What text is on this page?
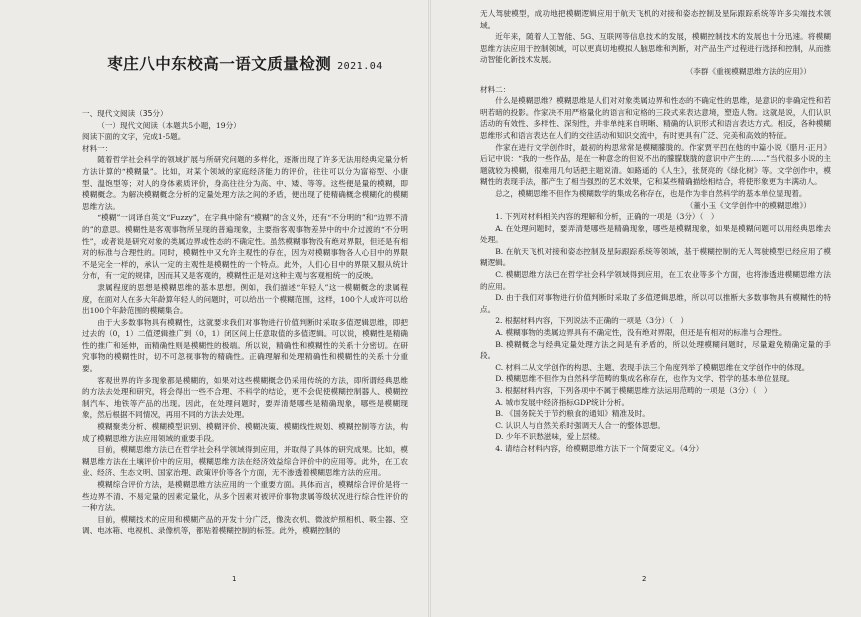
枣庄八中东校高一语文质量检测 2021.04

一、现代文阅读（35分）

（一）现代文阅读（本题共5小题，19分）

阅读下面的文字，完成1-5题。

材料一：

随着哲学社会科学的领域扩展与所研究问题的多样化，逐渐出现了许多无法用经典定量分析方法计算的“模糊量”。比如，对某个领域的家庭经济能力的评价，往往可以分为富裕型、小康型、温饱型等；对人的身体素质评价，身高往往分为高、中、矮、等等。这些便是量的模糊，即模糊概念。为解决模糊概念分析的定量处理方法之间的矛盾，便出现了使精确概念模糊化的模糊思维方法。

“模糊”一词译自英文“Fuzzy”，在字典中除有“模糊”的含义外，还有“不分明的”和“边界不清的”的意思。模糊性是客观事物所呈现的普遍现象，主要指客观事物差异中的中介过渡的“不分明性”，或者说是研究对象的类属边界或性态的不确定性。虽然模糊事物没有绝对界限，但还是有相对的标准与合理性的。同时，模糊性中又允许主观性的存在，因为对模糊事物各人心目中的界限不是完全一样的，承认一定的主观性是模糊性的一个特点。此外，人们心目中的界限又服从统计分布，有一定的规律，因而其又是客观的，模糊性正是对这种主观与客观相统一的反映。

隶属程度的思想是模糊思维的基本思想。例如，我们描述“年轻人”这一模糊概念的隶属程度，在面对人在多大年龄算年轻人的问题时，可以给出一个模糊范围，这样，100个人或许可以给出100个年龄范围的模糊集合。

由于大多数事物具有模糊性，这就要求我们对事物进行价值判断时采取多值逻辑思维，即把过去的（0，1）二值逻辑推广到（0，1）闭区间上任意取值的多值逻辑。可以说，模糊性是精确性的推广和延伸，而精确性则是模糊性的极端。所以说，精确性和模糊性的关系十分密切。在研究事物的模糊性时，切不可忽视事物的精确性。正确理解和处理精确性和模糊性的关系十分重要。

客观世界的许多现象都是模糊的，如果对这些模糊概念仍采用传统的方法，即所谓经典思维的方法去处理和研究，将会得出一些不合理、不科学的结论，更不会促使模糊控制器人、模糊控制汽车、地铁等产品的出现。因此，在处理问题时，要弄清楚哪些是精确现象，哪些是模糊现象，然后根据不同情况，再用不同的方法去处理。

模糊聚类分析、模糊模型识别、模糊评价、模糊决策、模糊线性规划、模糊控制等方法，构成了模糊思维方法应用领域的重要手段。

目前，模糊思维方法已在哲学社会科学领域得到应用，并取得了具体的研究成果。比如，模糊思维方法在土壤评价中的应用，模糊思维方法在经济效益综合评价中的应用等。此外，在工农业、经济、生态文明、国家治理、政策评价等各个方面，无不渗透着模糊思维方法的应用。

模糊综合评价方法，是模糊思维方法应用的一个重要方面。具体而言，模糊综合评价是将一些边界不清、不易定量的因素定量化，从多个因素对被评价事物隶属等级状况进行综合性评价的一种方法。

目前，模糊技术的应用和模糊产品的开发十分广泛，像洗衣机、微波炉照相机、吸尘器、空调、电冰箱、电视机、录像机等，都贴着模糊控制的标签。此外，模糊控制的

1

无人驾驶模型，成功地把模糊逻辑应用于航天飞机的对接和姿态控制及星际跟踪系统等许多尖端技术领域。

近年来，随着人工智能、5G、互联网等信息技术的发展，模糊控制技术的发展也十分迅速。将模糊思维方法应用于控制领域，可以更真切地模拟人脑思维和判断，对产品生产过程进行选择和控制，从而推动智能化新技术发展。

（李群《重视模糊思维方法的应用》）

材料二：

什么是模糊思维？模糊思维是人们对对象类属边界和性态的不确定性的思维，是意识的非确定性和若明若暗的投影。作家决不用严格量化的语言和定格的三段式来表达意境，塑造人物。这就是说，人们认识活动的有效性、多样性、深刻性，并非单纯来自明晰、精确的认识形式和语言表达方式。相反，各种模糊思维形式和语言表达在人们的交往活动和知识交流中，有时更具有广泛、完美和高效的特征。

作家在进行文学创作时，最初的构思常常是模糊朦胧的。作家贾平凹在他的中篇小说《腊月·正月》后记中说：“我的一些作品，是在一种意念的但说不出的朦朦胧胧的意识中产生的……”当代很多小说的主题就较为模糊，很难用几句话把主题说清。如路遥的《人生》，张贤亮的《绿化树》等。文学创作中，模糊性的表现手法，都产生了相当强烈的艺术效果，它和某些精确描绘相结合，将使形象更为丰满动人。

总之，模糊思维不但作为模糊数学的集成名称存在，也是作为非自然科学的基本单位显现着。

（董小玉《文学创作中的模糊思维》）

1. 下列对材料相关内容的理解和分析，正确的一项是（3分）（　）

A. 在处理问题时，要弄清楚哪些是精确现象，哪些是模糊现象，如果是模糊问题可以用经典思维去处理。

B. 在航天飞机对接和姿态控制及星际跟踪系统等领域，基于模糊控制的无人驾驶模型已经应用了模糊逻辑。

C. 模糊思维方法已在哲学社会科学领域得到应用，在工农业等多个方面，也将渗透进模糊思维方法的应用。

D. 由于我们对事物进行价值判断时采取了多值逻辑思维，所以可以推断大多数事物具有模糊性的特点。

2. 根据材料内容，下列说法不正确的一项是（3分）（　）

A. 模糊事物的类属边界具有不确定性，没有绝对界限，但还是有相对的标准与合理性。

B. 模糊概念与经典定量处理方法之间是有矛盾的，所以处理模糊问题时，尽量避免精确定量的手段。

C. 材料二从文学创作的构思、主题、表现手法三个角度列举了模糊思维在文学创作中的体现。

D. 模糊思维不但作为自然科学范畴的集成名称存在，也作为文学、哲学的基本单位显现。

3. 根据材料内容，下列各项中不属于模糊思维方法运用范畴的一项是（3分）（　）

A. 城市发展中经济指标GDP统计分析。

B. 《国务院关于节约粮食的通知》精准及时。

C. 认识人与自然关系时强调天人合一的整体思想。

D. 少年不识愁滋味，爱上层楼。

4. 请结合材料内容，给模糊思维方法下一个简要定义。（4分）

2
